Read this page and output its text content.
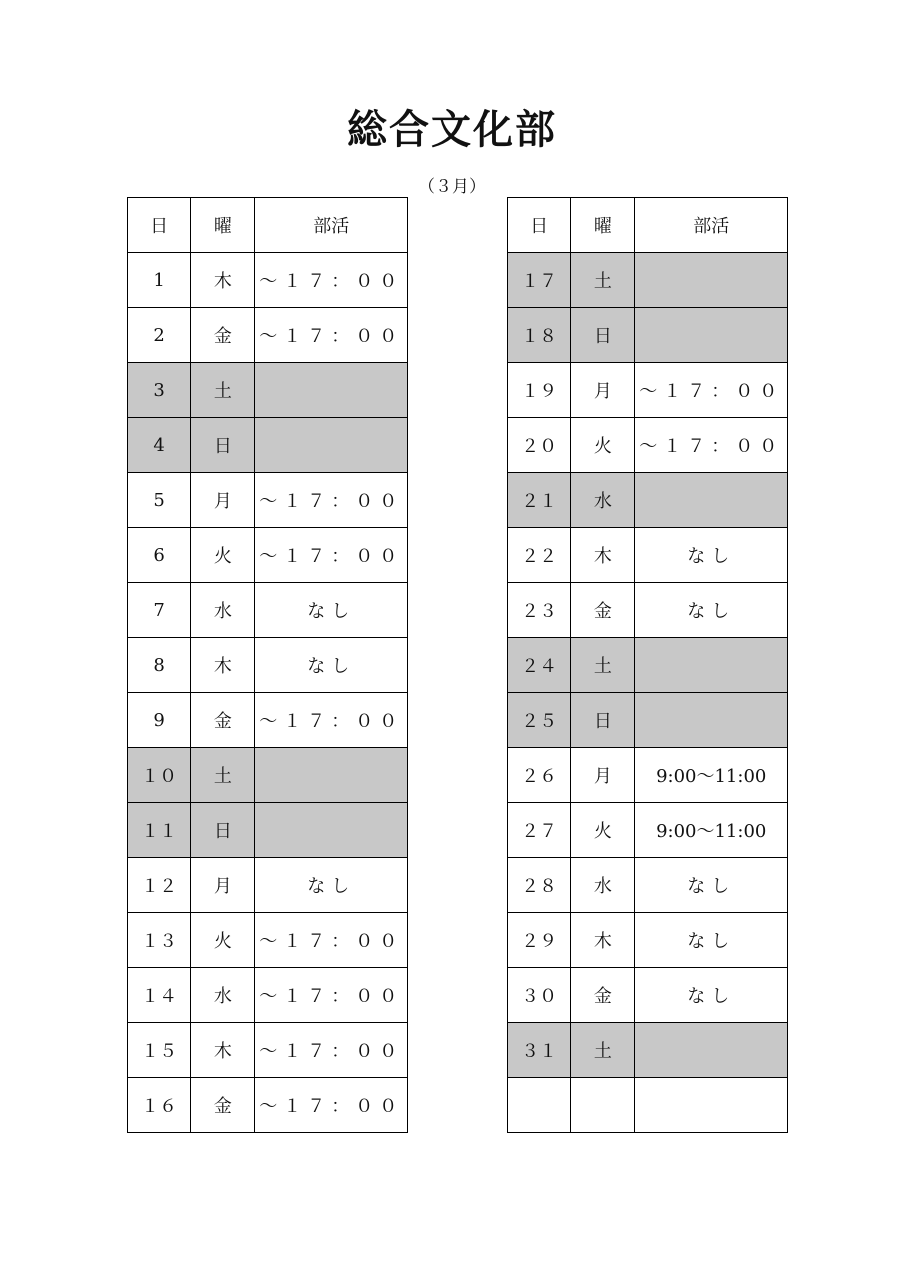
総合文化部

（３月）

日	曜	部活
1	木	～１７：００
2	金	～１７：００
3	土	
4	日	
5	月	～１７：００
6	火	～１７：００
7	水	なし
8	木	なし
9	金	～１７：００
１０	土	
１１	日	
１２	月	なし
１３	火	～１７：００
１４	水	～１７：００
１５	木	～１７：００
１６	金	～１７：００
日	曜	部活
１７	土	
１８	日	
１９	月	～１７：００
２０	火	～１７：００
２１	水	
２２	木	なし
２３	金	なし
２４	土	
２５	日	
２６	月	9:00～11:00
２７	火	9:00～11:00
２８	水	なし
２９	木	なし
３０	金	なし
３１	土	
